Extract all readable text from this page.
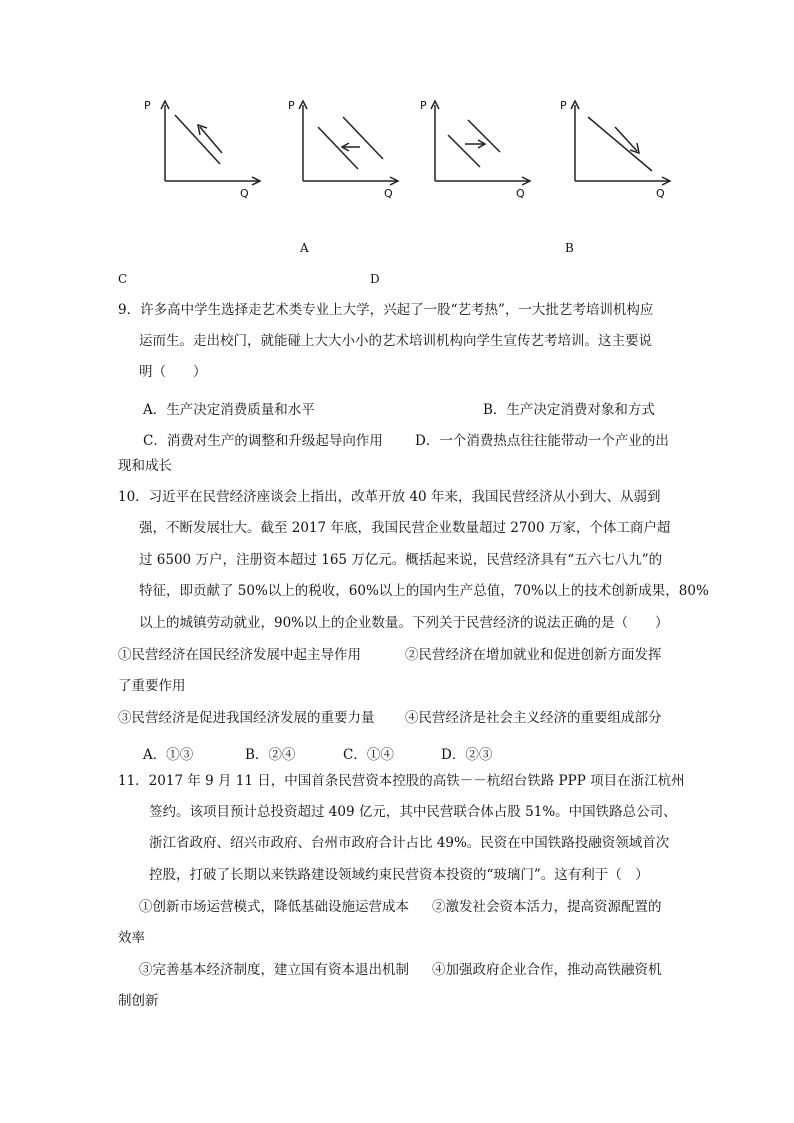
P
Q
P
Q
P
Q
P
Q
A	B
C	D
9．许多高中学生选择走艺术类专业上大学，兴起了一股“艺考热”，一大批艺考培训机构应
运而生。走出校门，就能碰上大大小小的艺术培训机构向学生宣传艺考培训。这主要说
明（　　）
A．生产决定消费质量和水平	B．生产决定消费对象和方式
C．消费对生产的调整和升级起导向作用 D．一个消费热点往往能带动一个产业的出
现和成长
10．习近平在民营经济座谈会上指出，改革开放 40 年来，我国民营经济从小到大、从弱到
强，不断发展壮大。截至 2017 年底，我国民营企业数量超过 2700 万家，个体工商户超
过 6500 万户，注册资本超过 165 万亿元。概括起来说，民营经济具有“五六七八九”的
特征，即贡献了 50%以上的税收，60%以上的国内生产总值，70%以上的技术创新成果，80%
以上的城镇劳动就业，90%以上的企业数量。下列关于民营经济的说法正确的是（　　）
①民营经济在国民经济发展中起主导作用	②民营经济在增加就业和促进创新方面发挥
了重要作用
③民营经济是促进我国经济发展的重要力量 ④民营经济是社会主义经济的重要组成部分
A．①③	B．②④	C．①④	D．②③
11．2017 年 9 月 11 日，中国首条民营资本控股的高铁－－杭绍台铁路 PPP 项目在浙江杭州
签约。该项目预计总投资超过 409 亿元，其中民营联合体占股 51%。中国铁路总公司、
浙江省政府、绍兴市政府、台州市政府合计占比 49%。民资在中国铁路投融资领域首次
控股，打破了长期以来铁路建设领域约束民营资本投资的“玻璃门”。这有利于（　）
①创新市场运营模式，降低基础设施运营成本 ②激发社会资本活力，提高资源配置的
效率
③完善基本经济制度，建立国有资本退出机制 ④加强政府企业合作，推动高铁融资机
制创新
